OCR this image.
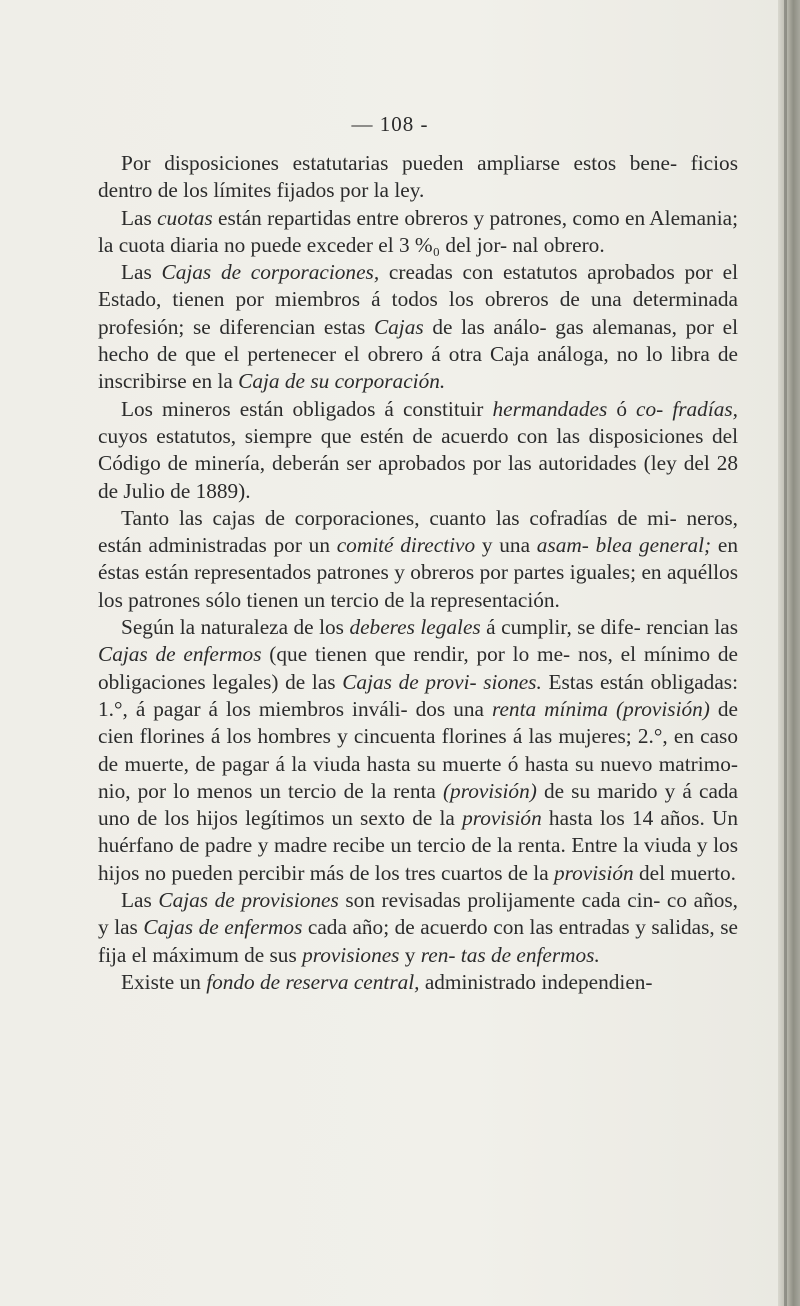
— 108 -

Por disposiciones estatutarias pueden ampliarse estos bene- ficios dentro de los límites fijados por la ley.

Las cuotas están repartidas entre obreros y patrones, como en Alemania; la cuota diaria no puede exceder el 3 %₀ del jor- nal obrero.

Las Cajas de corporaciones, creadas con estatutos aprobados por el Estado, tienen por miembros á todos los obreros de una determinada profesión; se diferencian estas Cajas de las análo- gas alemanas, por el hecho de que el pertenecer el obrero á otra Caja análoga, no lo libra de inscribirse en la Caja de su corporación.

Los mineros están obligados á constituir hermandades ó co- fradías, cuyos estatutos, siempre que estén de acuerdo con las disposiciones del Código de minería, deberán ser aprobados por las autoridades (ley del 28 de Julio de 1889).

Tanto las cajas de corporaciones, cuanto las cofradías de mi- neros, están administradas por un comité directivo y una asam- blea general; en éstas están representados patrones y obreros por partes iguales; en aquéllos los patrones sólo tienen un tercio de la representación.

Según la naturaleza de los deberes legales á cumplir, se dife- rencian las Cajas de enfermos (que tienen que rendir, por lo me- nos, el mínimo de obligaciones legales) de las Cajas de provi- siones. Estas están obligadas: 1.°, á pagar á los miembros inváli- dos una renta mínima (provisión) de cien florines á los hombres y cincuenta florines á las mujeres; 2.°, en caso de muerte, de pagar á la viuda hasta su muerte ó hasta su nuevo matrimo- nio, por lo menos un tercio de la renta (provisión) de su marido y á cada uno de los hijos legítimos un sexto de la provisión hasta los 14 años. Un huérfano de padre y madre recibe un tercio de la renta. Entre la viuda y los hijos no pueden percibir más de los tres cuartos de la provisión del muerto.

Las Cajas de provisiones son revisadas prolijamente cada cin- co años, y las Cajas de enfermos cada año; de acuerdo con las entradas y salidas, se fija el máximum de sus provisiones y ren- tas de enfermos.

Existe un fondo de reserva central, administrado independien-
